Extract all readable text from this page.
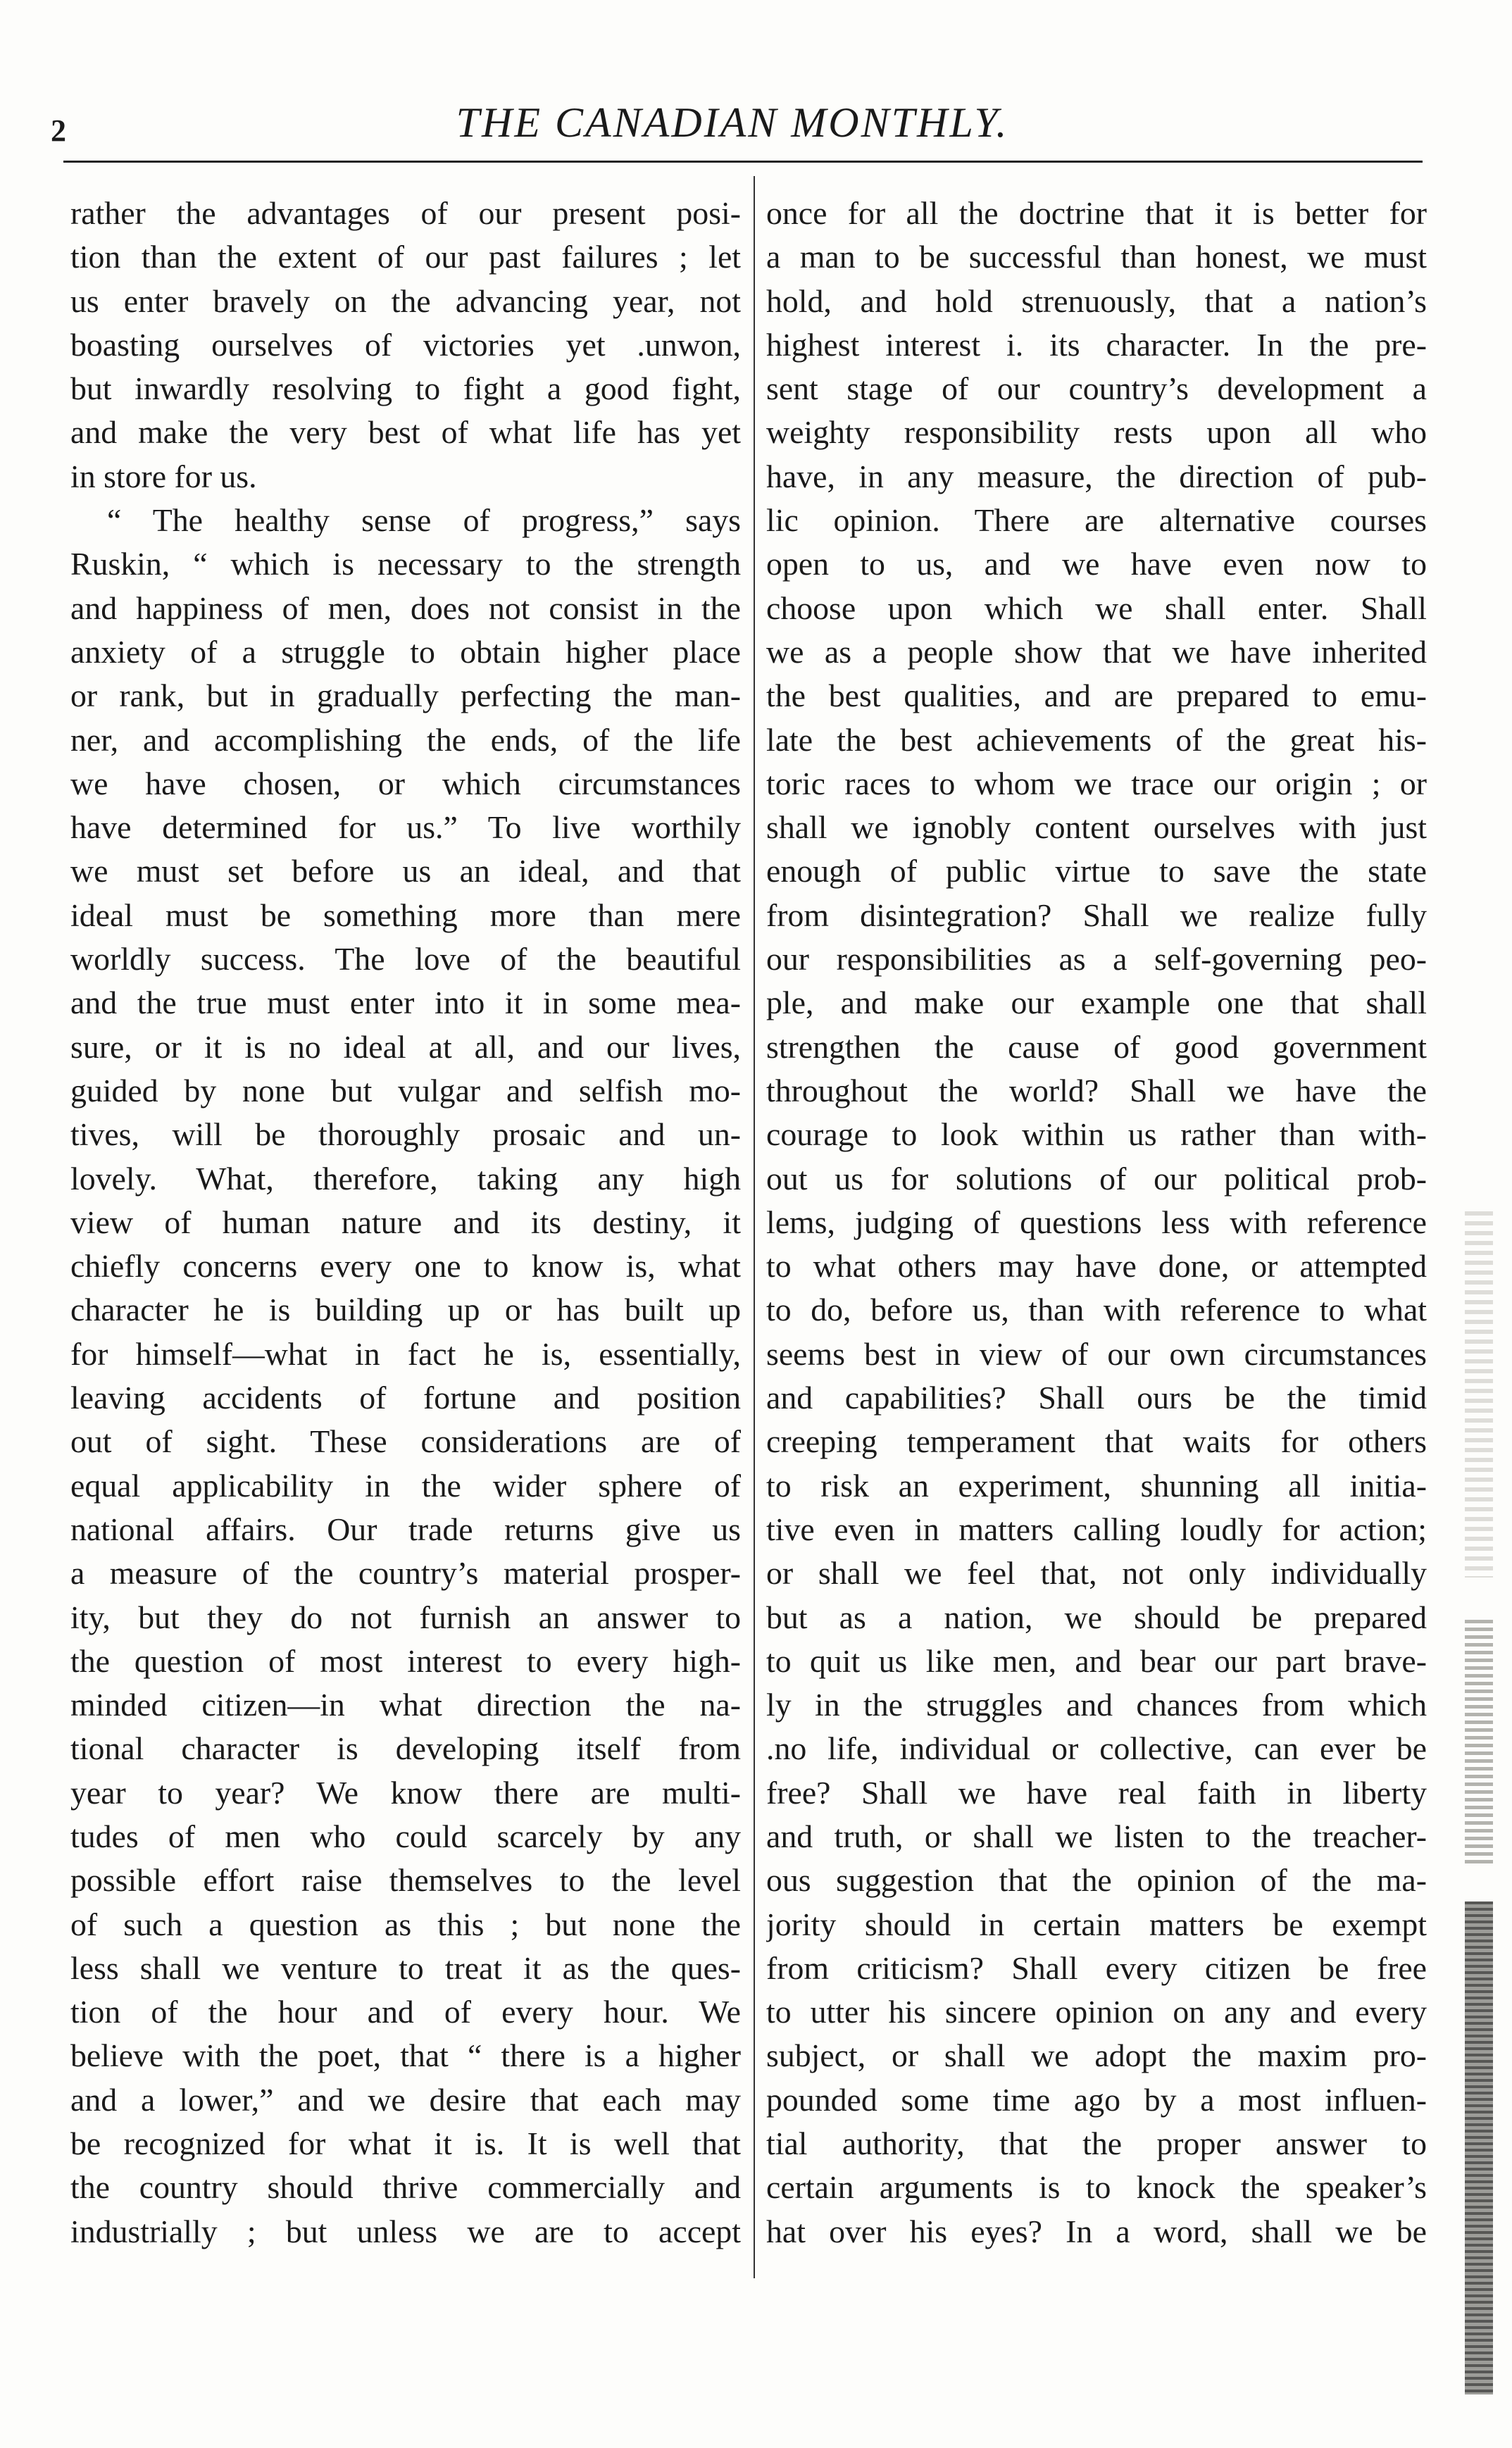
2	THE CANADIAN MONTHLY.
rather the advantages of our present posi-
tion than the extent of our past failures ; let
us enter bravely on the advancing year, not
boasting ourselves of victories yet .unwon,
but inwardly resolving to fight a good fight,
and make the very best of what life has yet
in store for us.
“ The healthy sense of progress,” says
Ruskin, “ which is necessary to the strength
and happiness of men, does not consist in the
anxiety of a struggle to obtain higher place
or rank, but in gradually perfecting the man-
ner, and accomplishing the ends, of the life
we have chosen, or which circumstances
have determined for us.” To live worthily
we must set before us an ideal, and that
ideal must be something more than mere
worldly success. The love of the beautiful
and the true must enter into it in some mea-
sure, or it is no ideal at all, and our lives,
guided by none but vulgar and selfish mo-
tives, will be thoroughly prosaic and un-
lovely. What, therefore, taking any high
view of human nature and its destiny, it
chiefly concerns every one to know is, what
character he is building up or has built up
for himself—what in fact he is, essentially,
leaving accidents of fortune and position
out of sight. These considerations are of
equal applicability in the wider sphere of
national affairs. Our trade returns give us
a measure of the country’s material prosper-
ity, but they do not furnish an answer to
the question of most interest to every high-
minded citizen—in what direction the na-
tional character is developing itself from
year to year? We know there are multi-
tudes of men who could scarcely by any
possible effort raise themselves to the level
of such a question as this ; but none the
less shall we venture to treat it as the ques-
tion of the hour and of every hour. We
believe with the poet, that “ there is a higher
and a lower,” and we desire that each may
be recognized for what it is. It is well that
the country should thrive commercially and
industrially ; but unless we are to accept
once for all the doctrine that it is better for
a man to be successful than honest, we must
hold, and hold strenuously, that a nation’s
highest interest i. its character. In the pre-
sent stage of our country’s development a
weighty responsibility rests upon all who
have, in any measure, the direction of pub-
lic opinion. There are alternative courses
open to us, and we have even now to
choose upon which we shall enter. Shall
we as a people show that we have inherited
the best qualities, and are prepared to emu-
late the best achievements of the great his-
toric races to whom we trace our origin ; or
shall we ignobly content ourselves with just
enough of public virtue to save the state
from disintegration? Shall we realize fully
our responsibilities as a self-governing peo-
ple, and make our example one that shall
strengthen the cause of good government
throughout the world? Shall we have the
courage to look within us rather than with-
out us for solutions of our political prob-
lems, judging of questions less with reference
to what others may have done, or attempted
to do, before us, than with reference to what
seems best in view of our own circumstances
and capabilities? Shall ours be the timid
creeping temperament that waits for others
to risk an experiment, shunning all initia-
tive even in matters calling loudly for action;
or shall we feel that, not only individually
but as a nation, we should be prepared
to quit us like men, and bear our part brave-
ly in the struggles and chances from which
.no life, individual or collective, can ever be
free? Shall we have real faith in liberty
and truth, or shall we listen to the treacher-
ous suggestion that the opinion of the ma-
jority should in certain matters be exempt
from criticism? Shall every citizen be free
to utter his sincere opinion on any and every
subject, or shall we adopt the maxim pro-
pounded some time ago by a most influen-
tial authority, that the proper answer to
certain arguments is to knock the speaker’s
hat over his eyes? In a word, shall we be
